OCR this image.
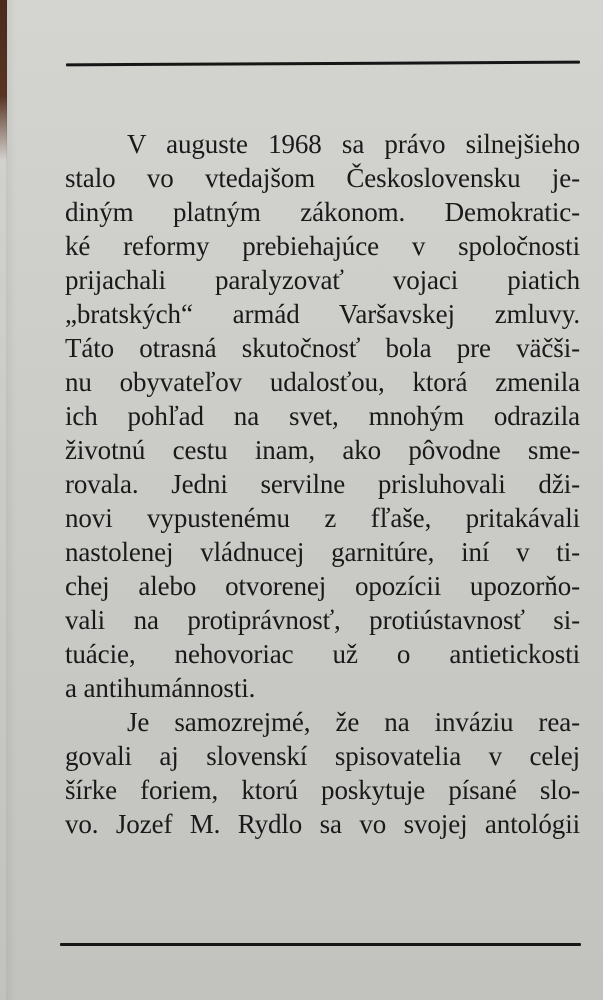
V auguste 1968 sa právo silnejšieho
stalo vo vtedajšom Československu je-
diným platným zákonom. Demokratic-
ké reformy prebiehajúce v spoločnosti
prijachali paralyzovať vojaci piatich
„bratských“ armád Varšavskej zmluvy.
Táto otrasná skutočnosť bola pre väčši-
nu obyvateľov udalosťou, ktorá zmenila
ich pohľad na svet, mnohým odrazila
životnú cestu inam, ako pôvodne sme-
rovala. Jedni servilne prisluhovali dži-
novi vypustenému z fľaše, pritakávali
nastolenej vládnucej garnitúre, iní v ti-
chej alebo otvorenej opozícii upozorňo-
vali na protiprávnosť, protiústavnosť si-
tuácie, nehovoriac už o antietickosti
a antihumánnosti.
Je samozrejmé, že na inváziu rea-
govali aj slovenskí spisovatelia v celej
šírke foriem, ktorú poskytuje písané slo-
vo. Jozef M. Rydlo sa vo svojej antológii
